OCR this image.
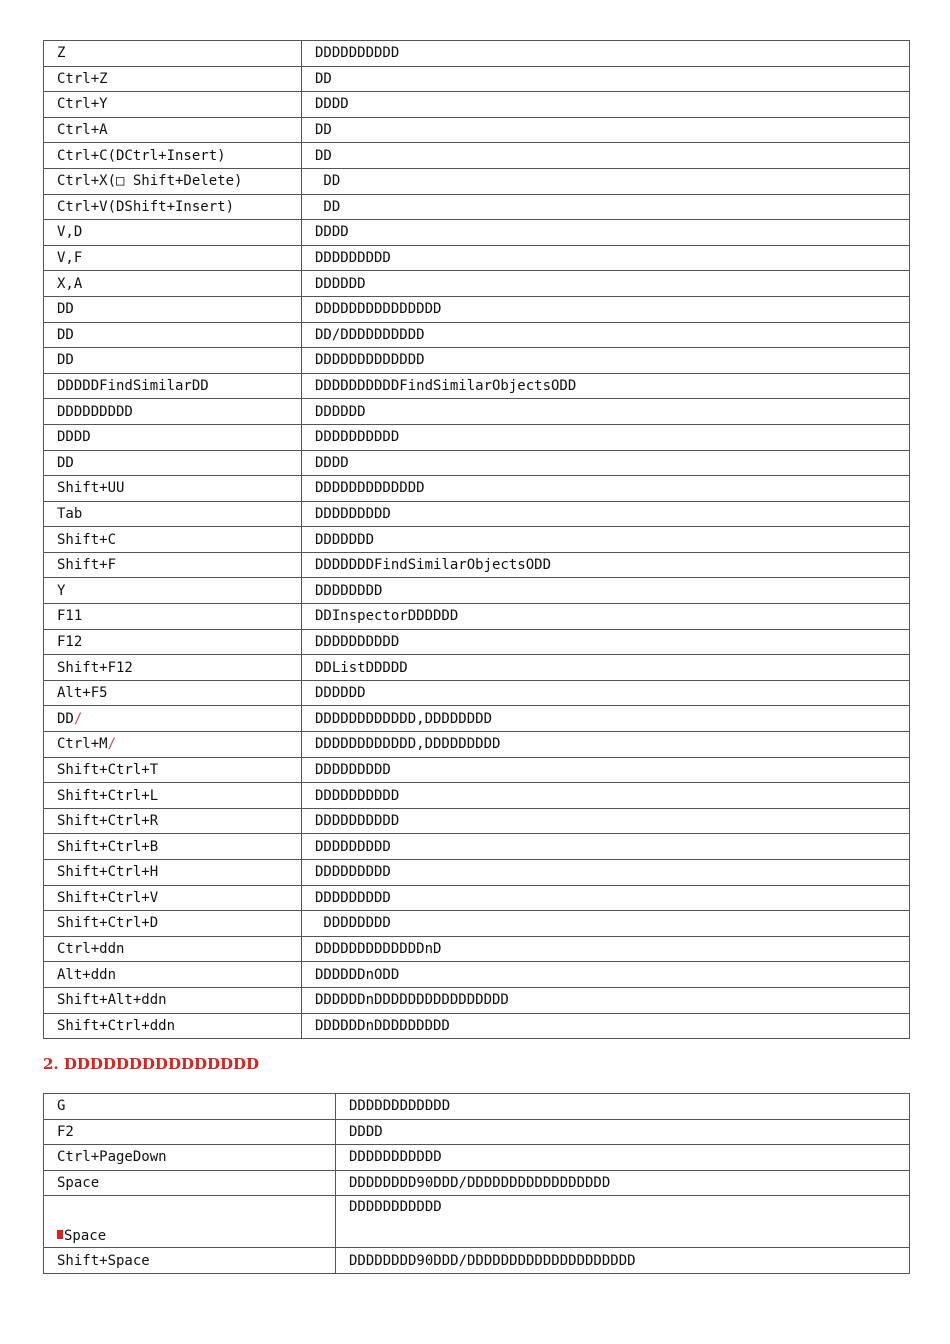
Z	DDDDDDDDDD
Ctrl+Z	DD
Ctrl+Y	DDDD
Ctrl+A	DD
Ctrl+C(DCtrl+Insert)	DD
Ctrl+X(□ Shift+Delete)	DD
Ctrl+V(DShift+Insert)	DD
V,D	DDDD
V,F	DDDDDDDDD
X,A	DDDDDD
DD	DDDDDDDDDDDDDDD
DD	DD/DDDDDDDDDD
DD	DDDDDDDDDDDDD
DDDDDFindSimilarDD	DDDDDDDDDDFindSimilarObjectsODD
DDDDDDDDD	DDDDDD
DDDD	DDDDDDDDDD
DD	DDDD
Shift+UU	DDDDDDDDDDDDD
Tab	DDDDDDDDD
Shift+C	DDDDDDD
Shift+F	DDDDDDDFindSimilarObjectsODD
Y	DDDDDDDD
F11	DDInspectorDDDDDD
F12	DDDDDDDDDD
Shift+F12	DDListDDDDD
Alt+F5	DDDDDD
DD/	DDDDDDDDDDDD,DDDDDDDD
Ctrl+M/	DDDDDDDDDDDD,DDDDDDDDD
Shift+Ctrl+T	DDDDDDDDD
Shift+Ctrl+L	DDDDDDDDDD
Shift+Ctrl+R	DDDDDDDDDD
Shift+Ctrl+B	DDDDDDDDD
Shift+Ctrl+H	DDDDDDDDD
Shift+Ctrl+V	DDDDDDDDD
Shift+Ctrl+D	DDDDDDDD
Ctrl+ddn	DDDDDDDDDDDDDnD
Alt+ddn	DDDDDDnODD
Shift+Alt+ddn	DDDDDDnDDDDDDDDDDDDDDDD
Shift+Ctrl+ddn	DDDDDDnDDDDDDDDD
2. DDDDDDDDDDDDDDD
G	DDDDDDDDDDDD
F2	DDDD
Ctrl+PageDown	DDDDDDDDDDD
Space	DDDDDDDD90DDD/DDDDDDDDDDDDDDDDD
Space	DDDDDDDDDDD
Shift+Space	DDDDDDDD90DDD/DDDDDDDDDDDDDDDDDDDD
